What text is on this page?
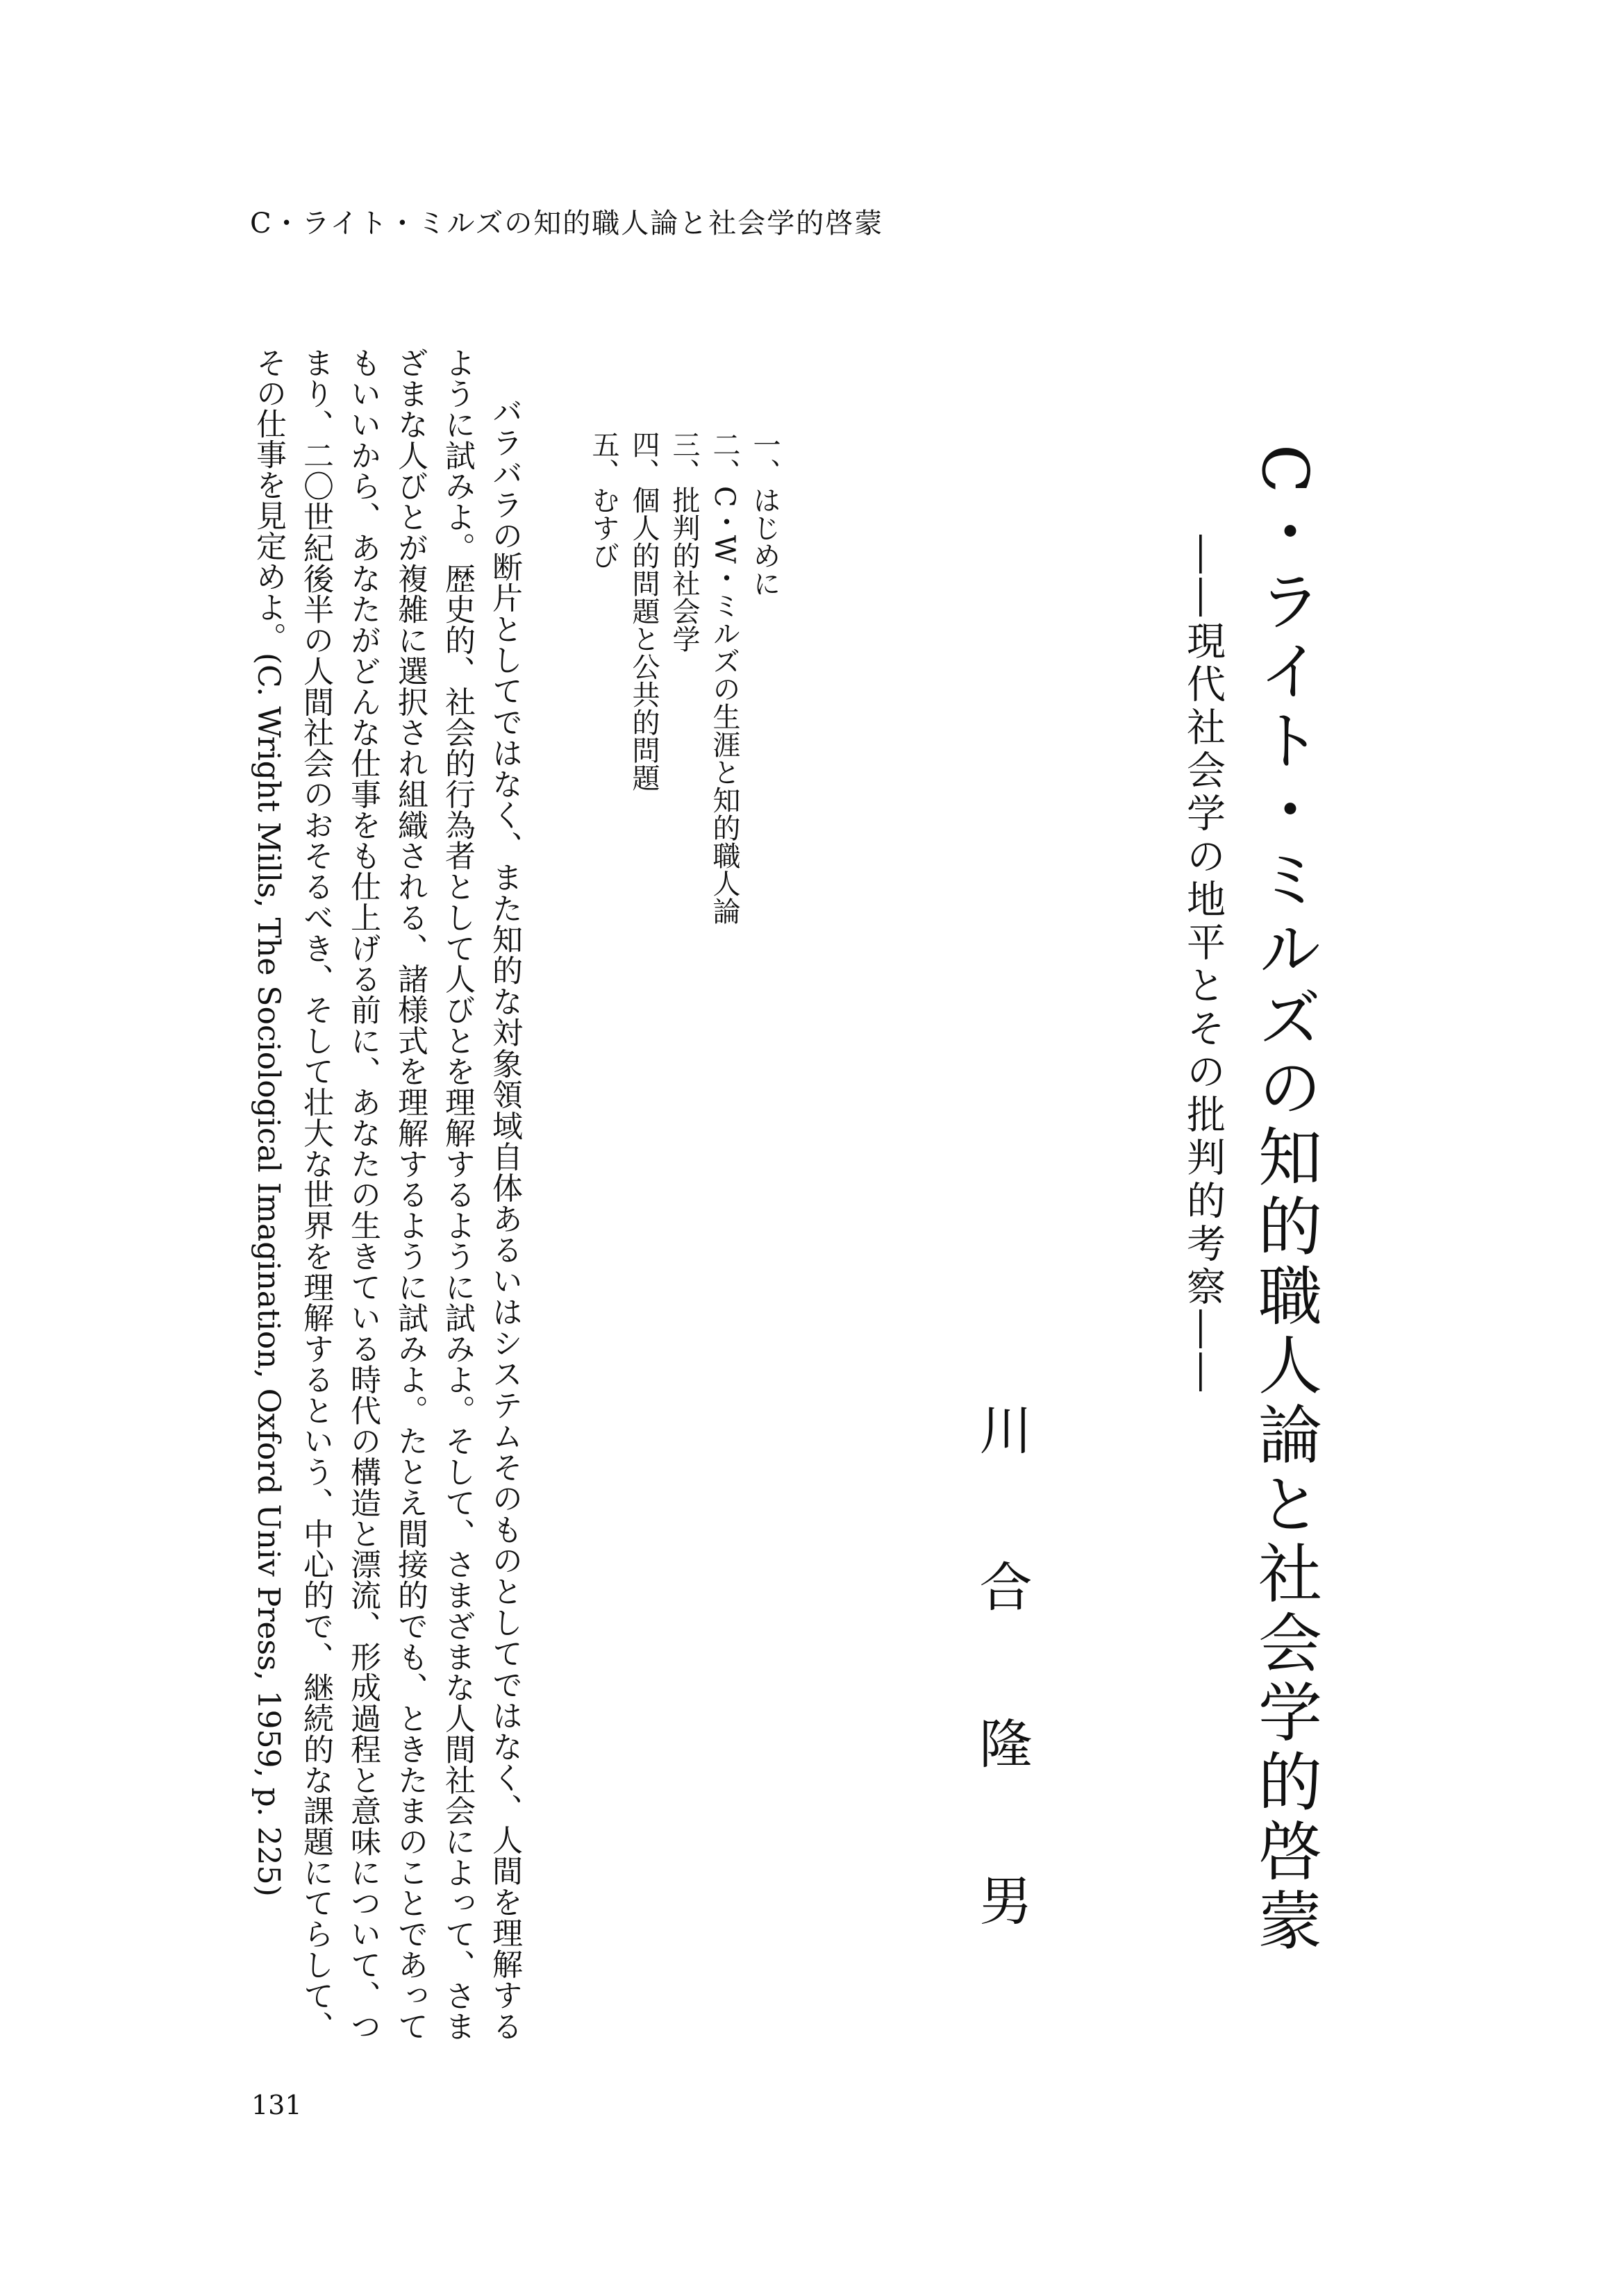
C・ライト・ミルズの知的職人論と社会学的啓蒙
C・ライト・ミルズの知的職人論と社会学的啓蒙
――現代社会学の地平とその批判的考察――
川合隆男
一、はじめに
二、C・W・ミルズの生涯と知的職人論
三、批判的社会学
四、個人的問題と公共的問題
五、むすび

バラバラの断片としてではなく、また知的な対象領域自体あるいはシステムそのものとしてではなく、人間を理解するように試みよ。歴史的、社会的行為者として人びとを理解するように試みよ。そして、さまざまな人間社会によって、さまざまな人びとが複雑に選択され組織される、諸様式を理解するように試みよ。たとえ間接的でも、ときたまのことであってもいいから、あなたがどんな仕事をも仕上げる前に、あなたの生きている時代の構造と漂流、形成過程と意味について、つまり、二〇世紀後半の人間社会のおそるべき、そして壮大な世界を理解するという、中心的で、継続的な課題にてらして、その仕事を見定めよ。(C. Wright Mills, The Sociological Imagination, Oxford Univ Press, 1959, p. 225)

131
